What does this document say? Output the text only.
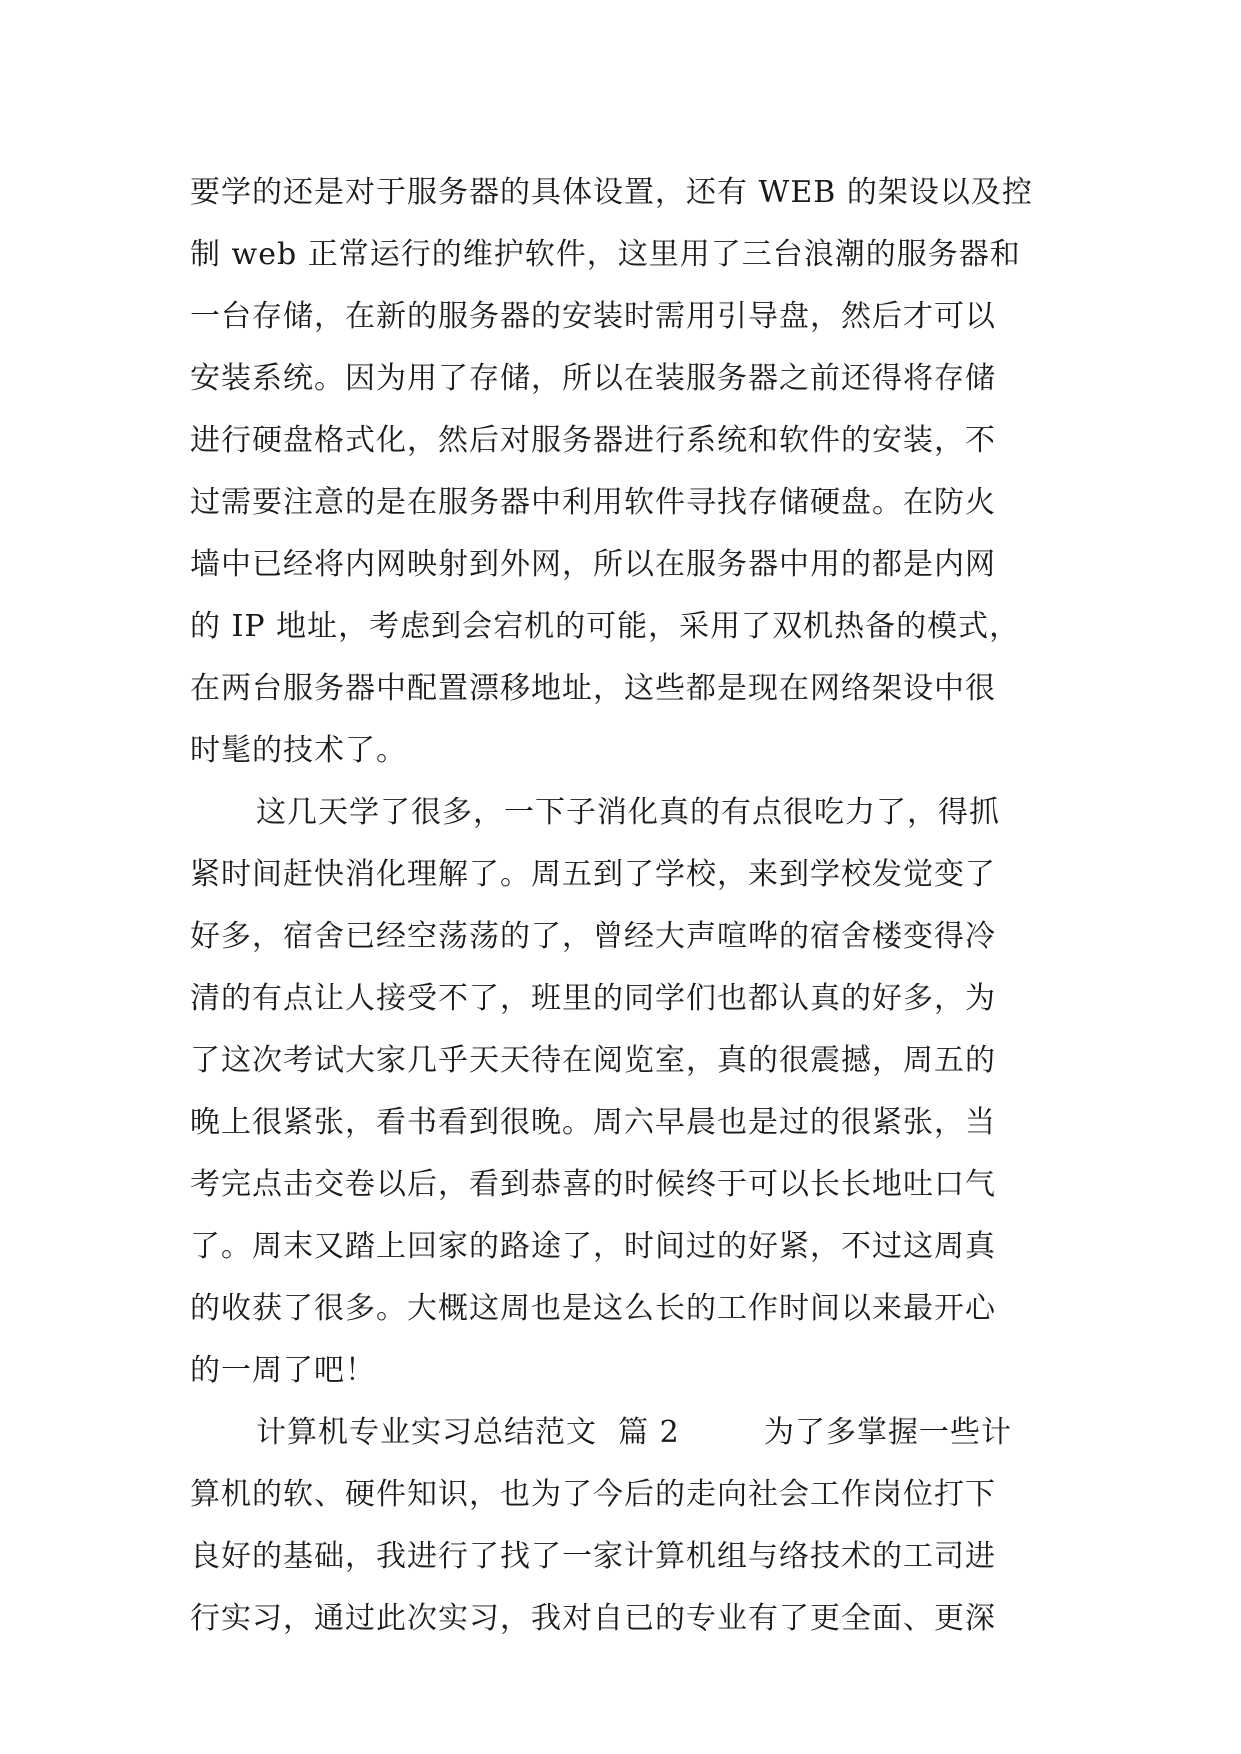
要学的还是对于服务器的具体设置，还有 WEB 的架设以及控
制 web 正常运行的维护软件，这里用了三台浪潮的服务器和
一台存储，在新的服务器的安装时需用引导盘，然后才可以
安装系统。因为用了存储，所以在装服务器之前还得将存储
进行硬盘格式化，然后对服务器进行系统和软件的安装，不
过需要注意的是在服务器中利用软件寻找存储硬盘。在防火
墙中已经将内网映射到外网，所以在服务器中用的都是内网
的 IP 地址，考虑到会宕机的可能，采用了双机热备的模式，
在两台服务器中配置漂移地址，这些都是现在网络架设中很
时髦的技术了。
这几天学了很多，一下子消化真的有点很吃力了，得抓
紧时间赶快消化理解了。周五到了学校，来到学校发觉变了
好多，宿舍已经空荡荡的了，曾经大声喧哗的宿舍楼变得冷
清的有点让人接受不了，班里的同学们也都认真的好多，为
了这次考试大家几乎天天待在阅览室，真的很震撼，周五的
晚上很紧张，看书看到很晚。周六早晨也是过的很紧张，当
考完点击交卷以后，看到恭喜的时候终于可以长长地吐口气
了。周末又踏上回家的路途了，时间过的好紧，不过这周真
的收获了很多。大概这周也是这么长的工作时间以来最开心
的一周了吧！
计算机专业实习总结范文  篇 2        为了多掌握一些计
算机的软、硬件知识，也为了今后的走向社会工作岗位打下
良好的基础，我进行了找了一家计算机组与络技术的工司进
行实习，通过此次实习，我对自已的专业有了更全面、更深
